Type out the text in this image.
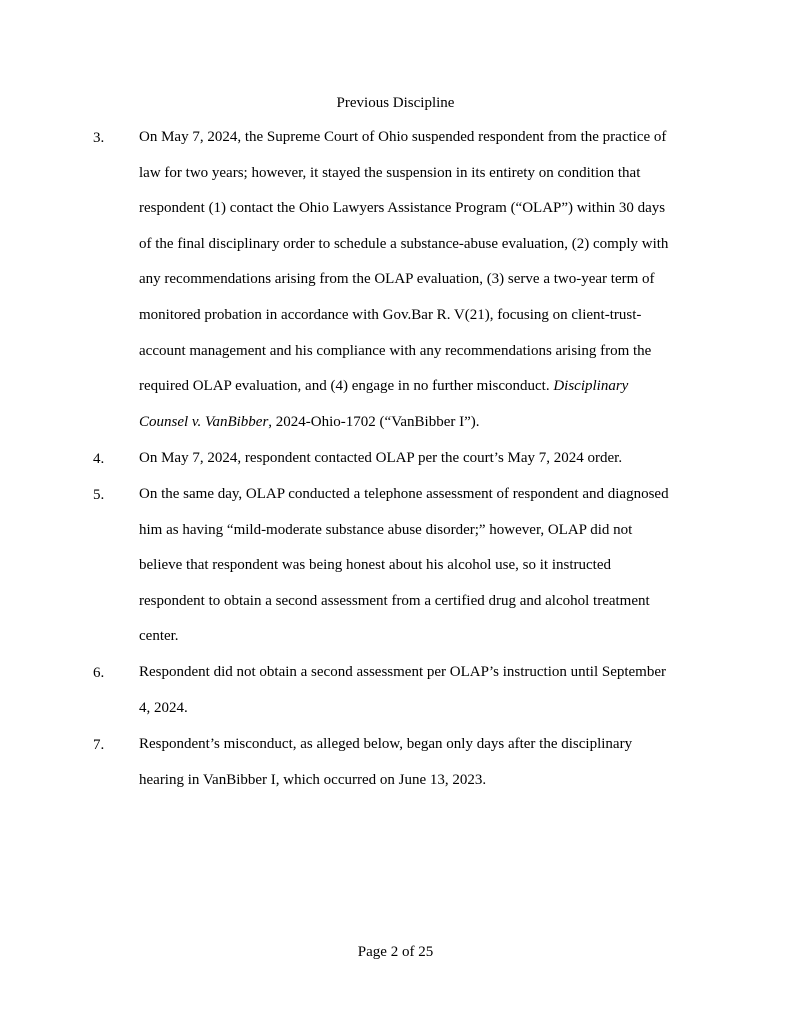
Previous Discipline
3. On May 7, 2024, the Supreme Court of Ohio suspended respondent from the practice of
law for two years; however, it stayed the suspension in its entirety on condition that
respondent (1) contact the Ohio Lawyers Assistance Program (“OLAP”) within 30 days
of the final disciplinary order to schedule a substance-abuse evaluation, (2) comply with
any recommendations arising from the OLAP evaluation, (3) serve a two-year term of
monitored probation in accordance with Gov.Bar R. V(21), focusing on client-trust-
account management and his compliance with any recommendations arising from the
required OLAP evaluation, and (4) engage in no further misconduct. Disciplinary
Counsel v. VanBibber, 2024-Ohio-1702 (“VanBibber I”).
4. On May 7, 2024, respondent contacted OLAP per the court’s May 7, 2024 order.
5. On the same day, OLAP conducted a telephone assessment of respondent and diagnosed
him as having “mild-moderate substance abuse disorder;” however, OLAP did not
believe that respondent was being honest about his alcohol use, so it instructed
respondent to obtain a second assessment from a certified drug and alcohol treatment
center.
6. Respondent did not obtain a second assessment per OLAP’s instruction until September
4, 2024.
7. Respondent’s misconduct, as alleged below, began only days after the disciplinary
hearing in VanBibber I, which occurred on June 13, 2023.
Page 2 of 25
